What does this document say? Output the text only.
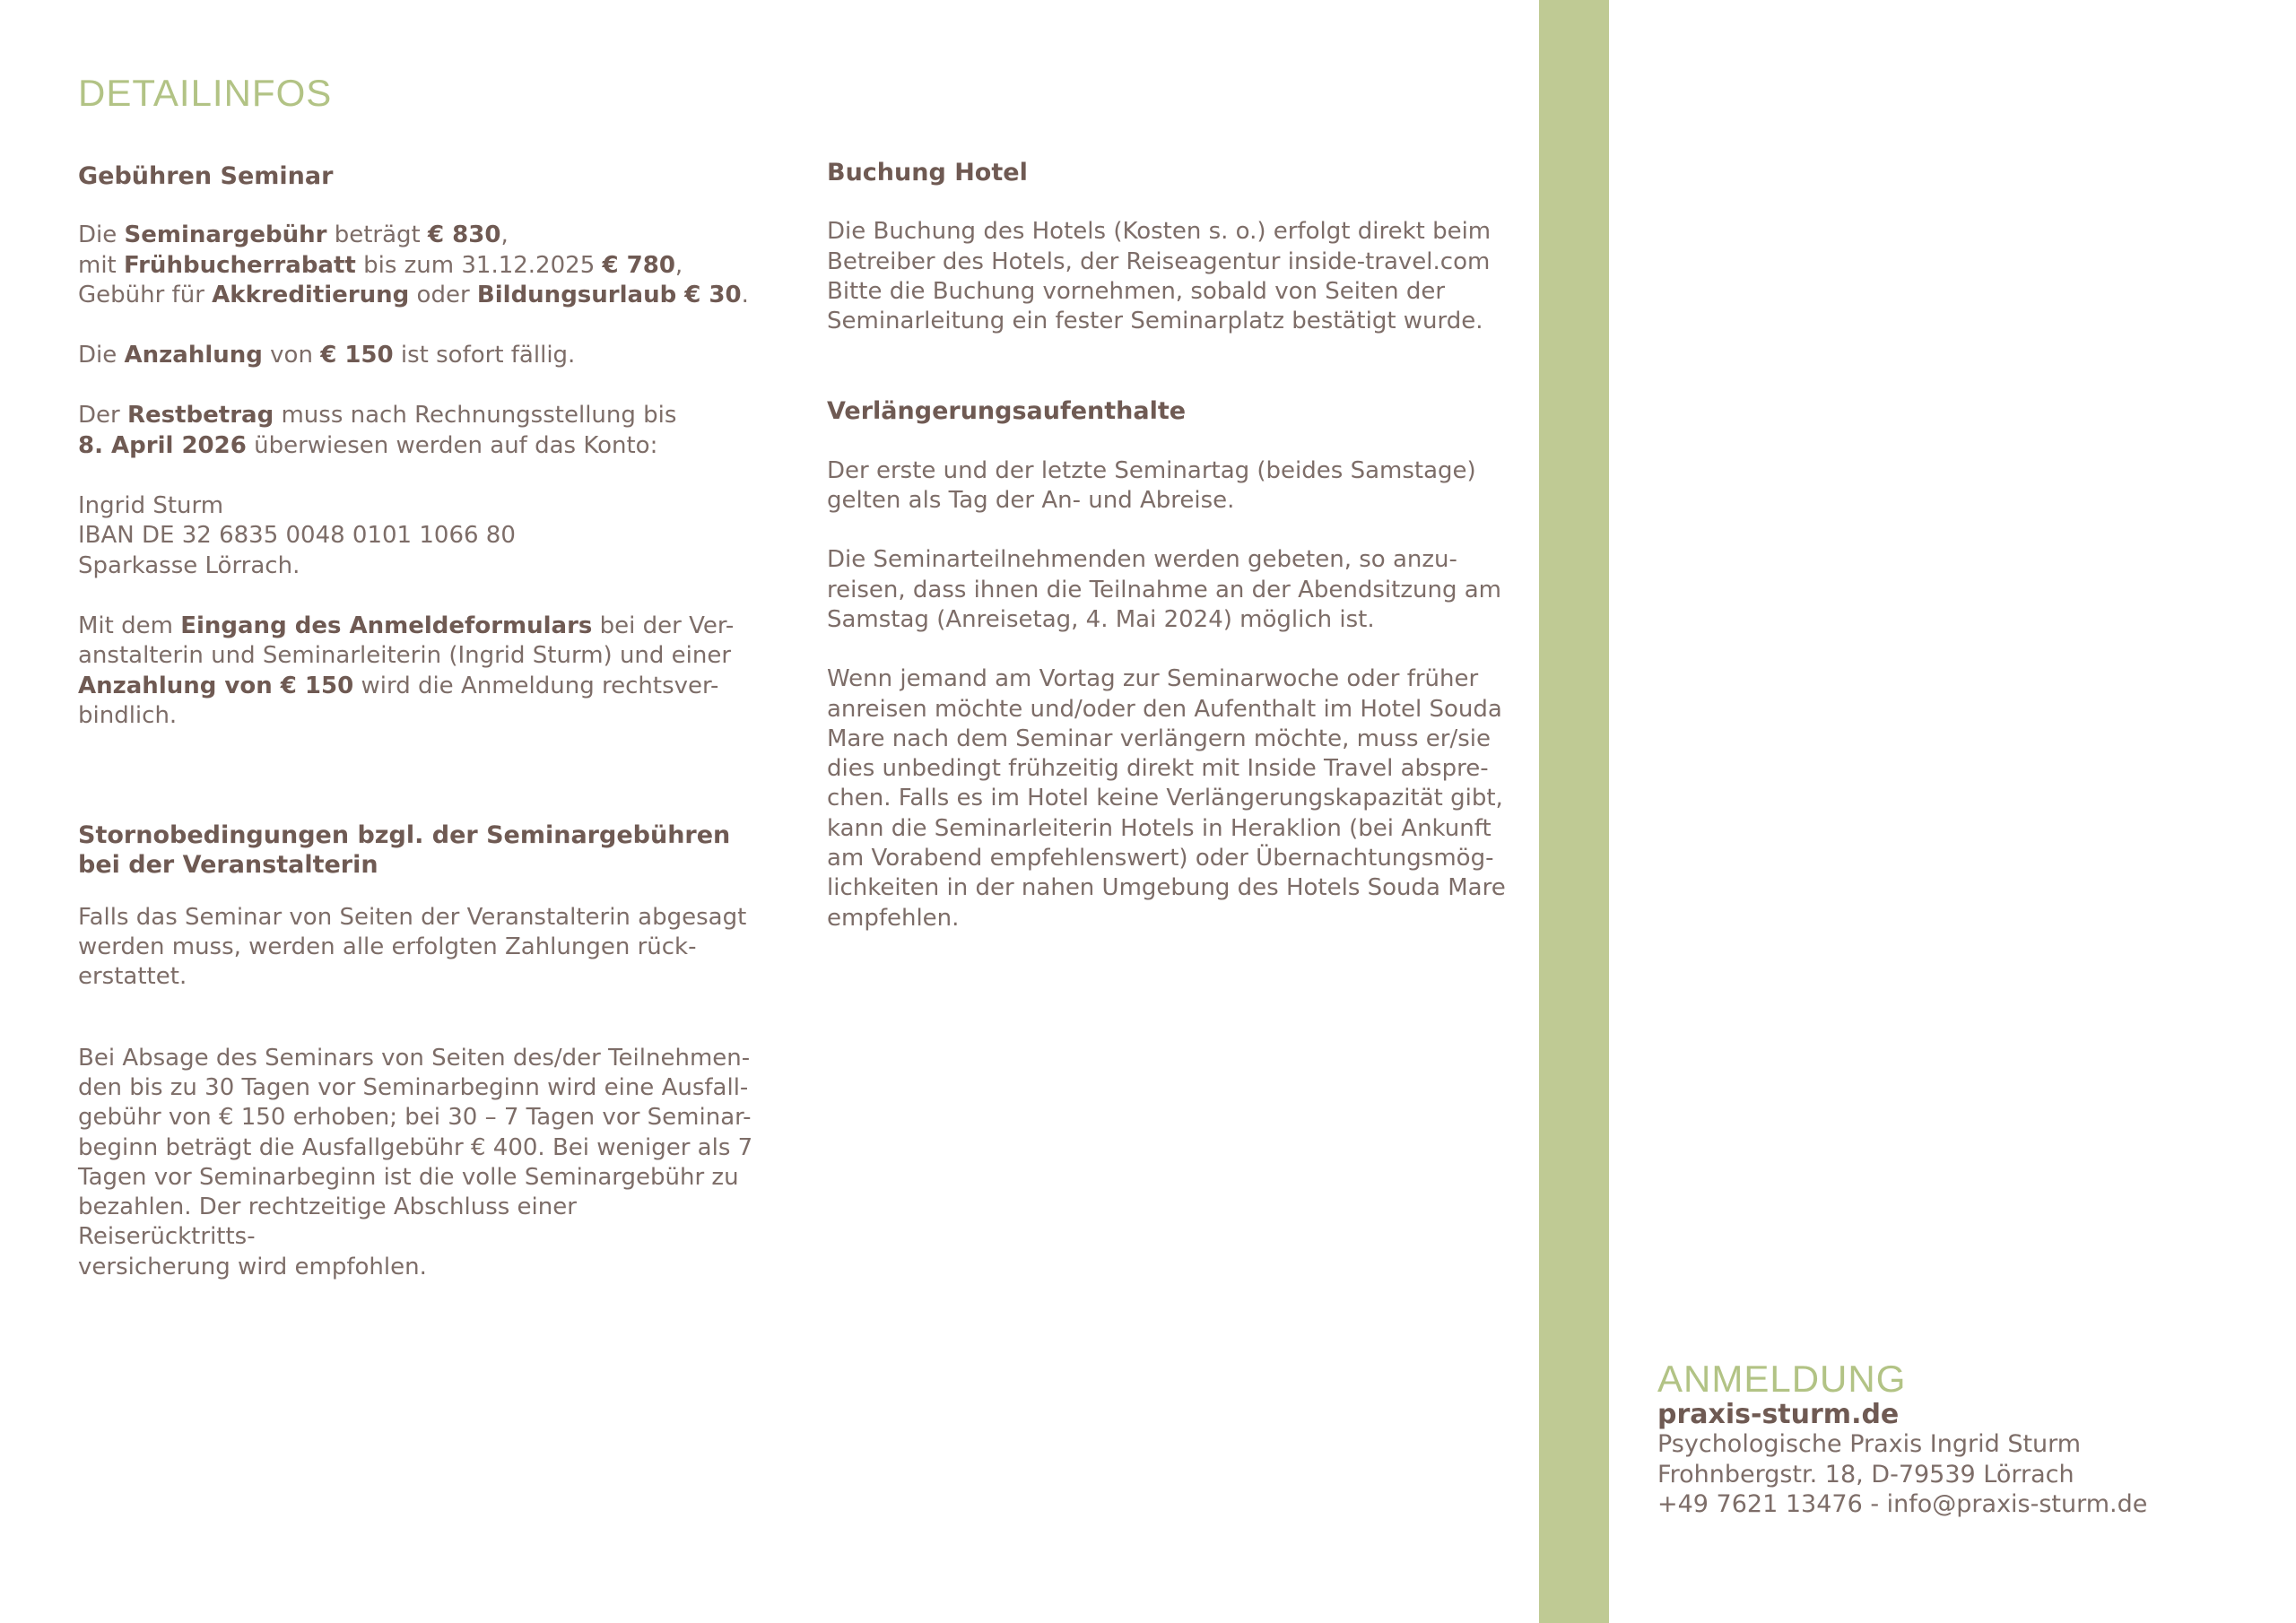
DETAILINFOS

Gebühren Seminar

Die Seminargebühr beträgt € 830,

mit Frühbucherrabatt bis zum 31.12.2025 € 780,

Gebühr für Akkreditierung oder Bildungsurlaub € 30.

Die Anzahlung von € 150 ist sofort fällig.

Der Restbetrag muss nach Rechnungsstellung bis

8. April 2026 überwiesen werden auf das Konto:

Ingrid Sturm

IBAN DE 32 6835 0048 0101 1066 80

Sparkasse Lörrach.

Mit dem Eingang des Anmeldeformulars bei der Ver-

anstalterin und Seminarleiterin (Ingrid Sturm) und einer

Anzahlung von € 150 wird die Anmeldung rechtsver-

bindlich.

Stornobedingungen bzgl. der Seminargebühren

bei der Veranstalterin

Falls das Seminar von Seiten der Veranstalterin abgesagt

werden muss, werden alle erfolgten Zahlungen rück-

erstattet.

Bei Absage des Seminars von Seiten des/der Teilnehmen-

den bis zu 30 Tagen vor Seminarbeginn wird eine Ausfall-

gebühr von € 150 erhoben; bei 30 – 7 Tagen vor Seminar-

beginn beträgt die Ausfallgebühr € 400. Bei weniger als 7

Tagen vor Seminarbeginn ist die volle Seminargebühr zu

bezahlen. Der rechtzeitige Abschluss einer Reiserücktritts-

versicherung wird empfohlen.

Buchung Hotel

Die Buchung des Hotels (Kosten s. o.) erfolgt direkt beim

Betreiber des Hotels, der Reiseagentur inside-travel.com

Bitte die Buchung vornehmen, sobald von Seiten der

Seminarleitung ein fester Seminarplatz bestätigt wurde.

Verlängerungsaufenthalte

Der erste und der letzte Seminartag (beides Samstage)

gelten als Tag der An- und Abreise.

Die Seminarteilnehmenden werden gebeten, so anzu-

reisen, dass ihnen die Teilnahme an der Abendsitzung am

Samstag (Anreisetag, 4. Mai 2024) möglich ist.

Wenn jemand am Vortag zur Seminarwoche oder früher

anreisen möchte und/oder den Aufenthalt im Hotel Souda

Mare nach dem Seminar verlängern möchte, muss er/sie

dies unbedingt frühzeitig direkt mit Inside Travel abspre-

chen. Falls es im Hotel keine Verlängerungskapazität gibt,

kann die Seminarleiterin Hotels in Heraklion (bei Ankunft

am Vorabend empfehlenswert) oder Übernachtungsmög-

lichkeiten in der nahen Umgebung des Hotels Souda Mare

empfehlen.

ANMELDUNG
praxis-sturm.de
Psychologische Praxis Ingrid Sturm
Frohnbergstr. 18, D-79539 Lörrach
+49 7621 13476 - info@praxis-sturm.de
